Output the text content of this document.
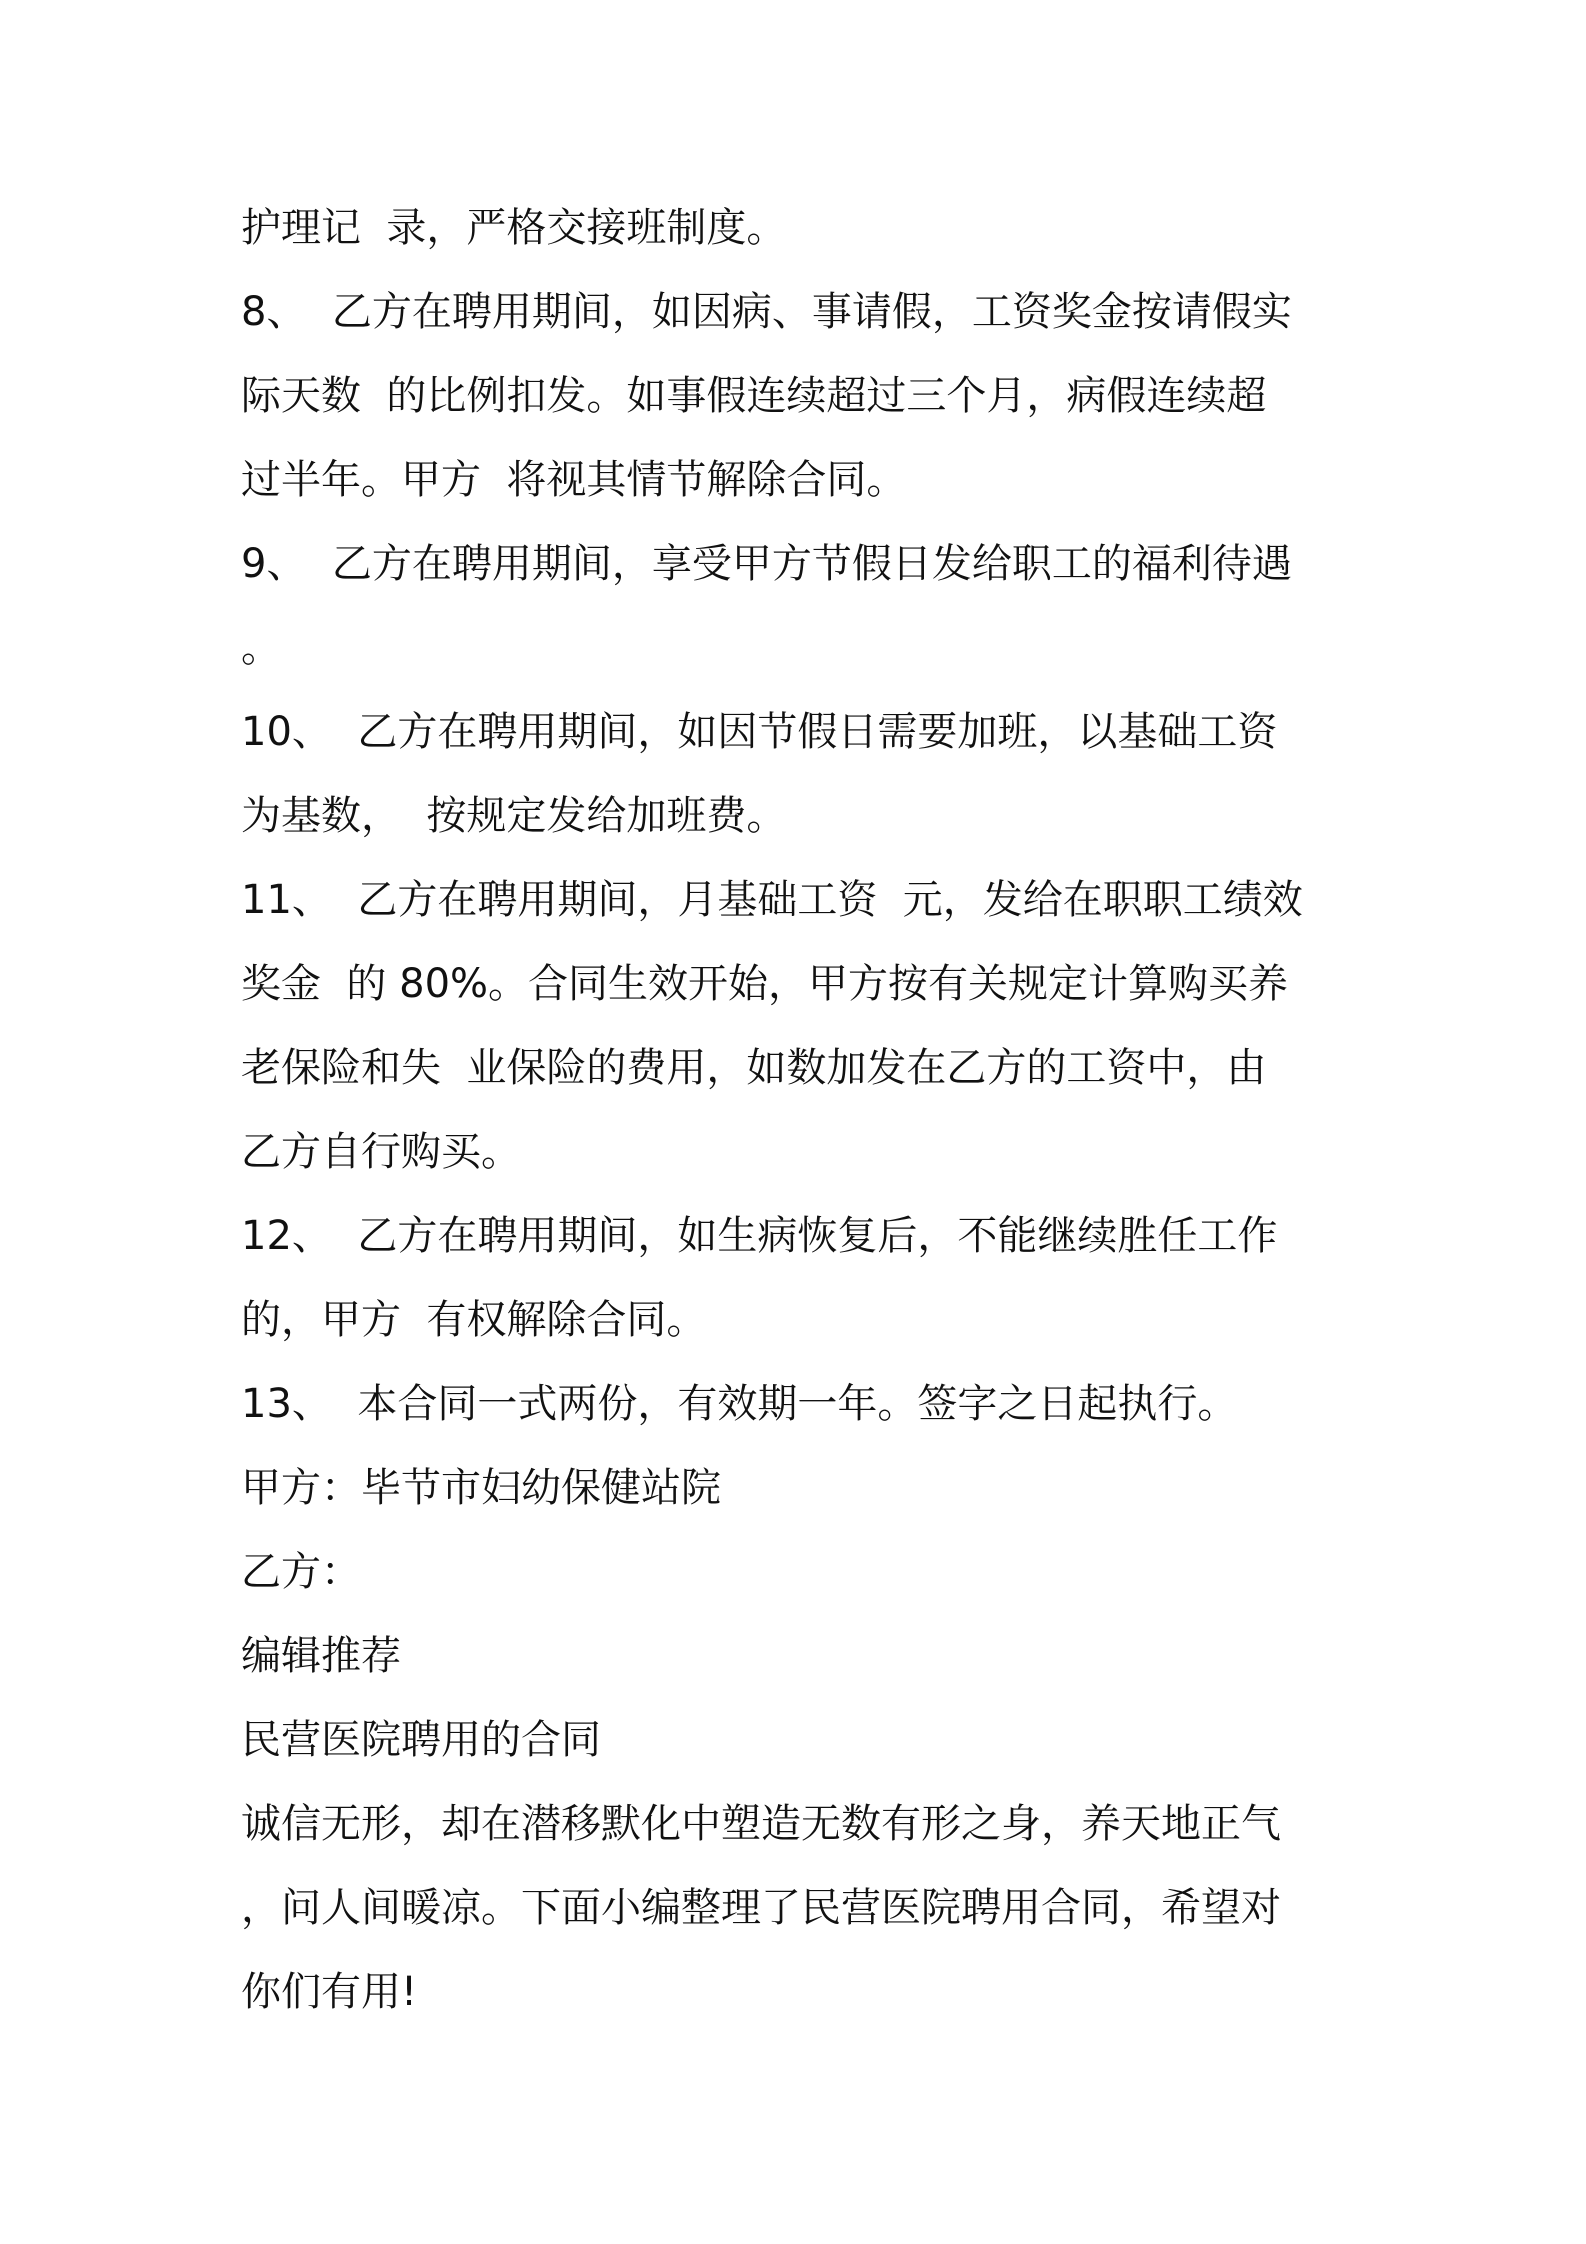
护理记  录，严格交接班制度。
8、  乙方在聘用期间，如因病、事请假，工资奖金按请假实
际天数  的比例扣发。如事假连续超过三个月，病假连续超
过半年。甲方  将视其情节解除合同。
9、  乙方在聘用期间，享受甲方节假日发给职工的福利待遇
。
10、  乙方在聘用期间，如因节假日需要加班，以基础工资
为基数，  按规定发给加班费。
11、  乙方在聘用期间，月基础工资  元，发给在职职工绩效
奖金  的 80%。合同生效开始，甲方按有关规定计算购买养
老保险和失  业保险的费用，如数加发在乙方的工资中，由
乙方自行购买。
12、  乙方在聘用期间，如生病恢复后，不能继续胜任工作
的，甲方  有权解除合同。
13、  本合同一式两份，有效期一年。签字之日起执行。
甲方：毕节市妇幼保健站院
乙方：
编辑推荐
民营医院聘用的合同
诚信无形，却在潜移默化中塑造无数有形之身，养天地正气
，问人间暖凉。下面小编整理了民营医院聘用合同，希望对
你们有用!
